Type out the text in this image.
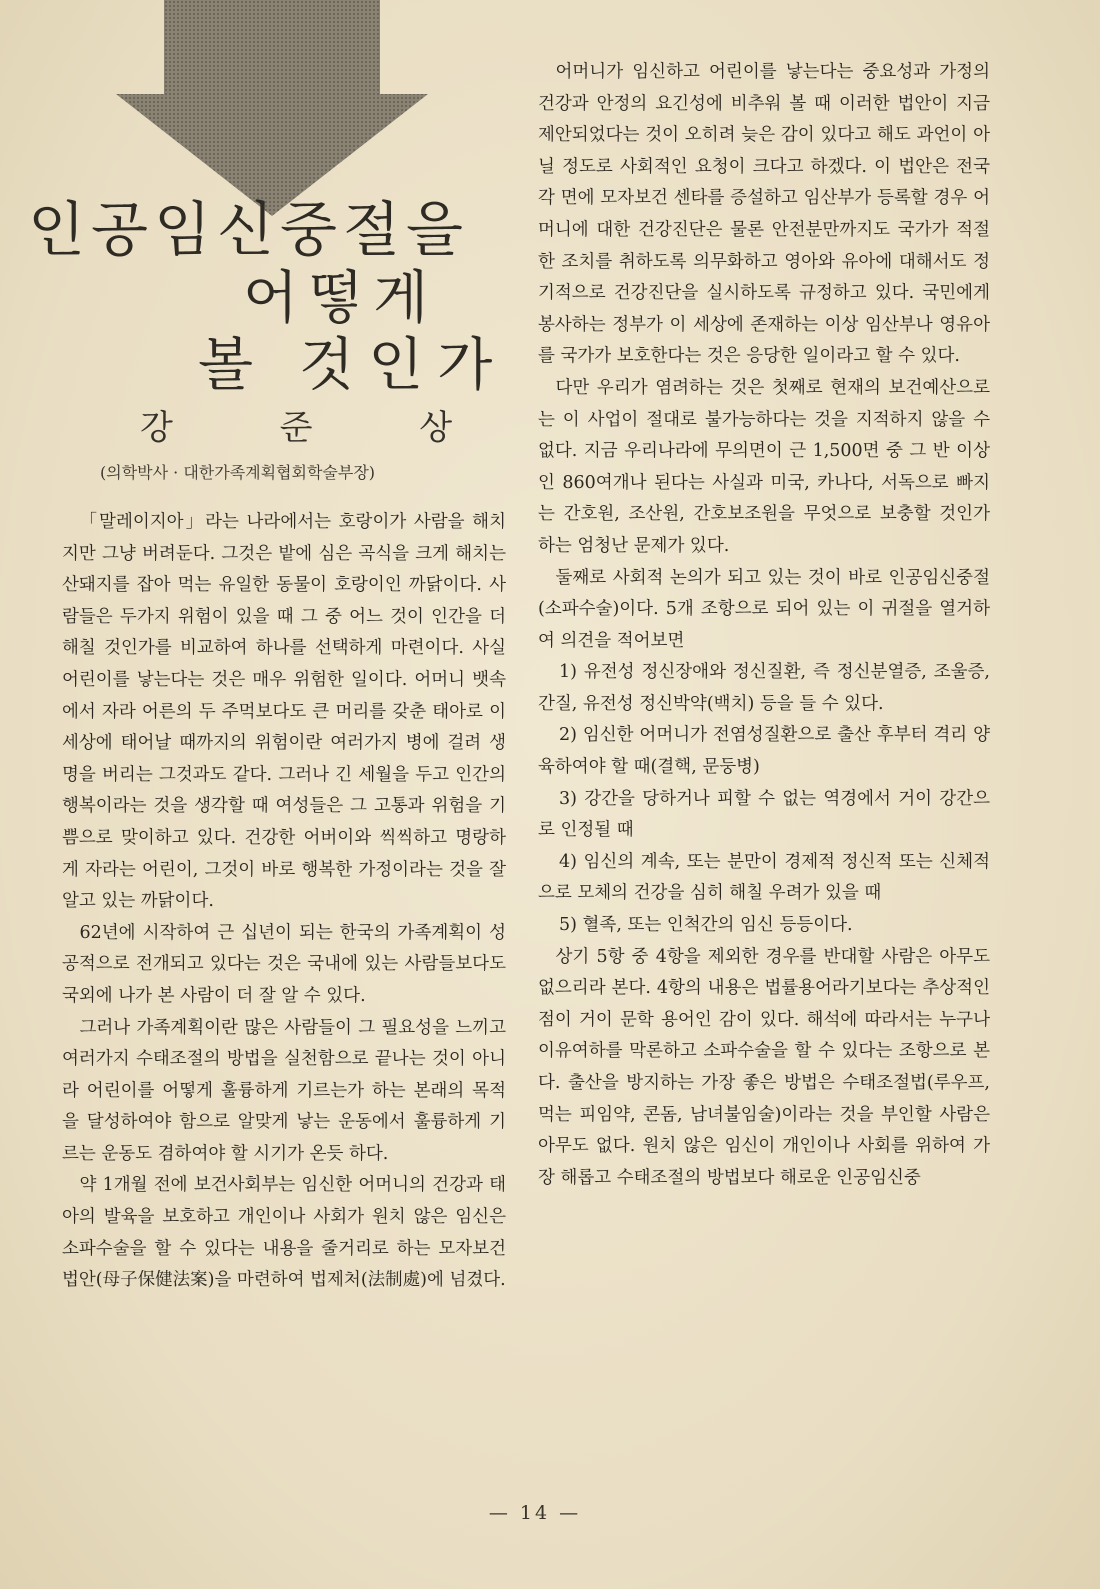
인공임신중절을
어떻게
볼 것인가
강 준 상
(의학박사 · 대한가족계획협회학술부장)

「말레이지아」라는 나라에서는 호랑이가 사람을 해치지만 그냥 버려둔다. 그것은 밭에 심은 곡식을 크게 해치는 산돼지를 잡아 먹는 유일한 동물이 호랑이인 까닭이다. 사람들은 두가지 위험이 있을 때 그 중 어느 것이 인간을 더 해칠 것인가를 비교하여 하나를 선택하게 마련이다. 사실 어린이를 낳는다는 것은 매우 위험한 일이다. 어머니 뱃속에서 자라 어른의 두 주먹보다도 큰 머리를 갖춘 태아로 이 세상에 태어날 때까지의 위험이란 여러가지 병에 걸려 생명을 버리는 그것과도 같다. 그러나 긴 세월을 두고 인간의 행복이라는 것을 생각할 때 여성들은 그 고통과 위험을 기쁨으로 맞이하고 있다. 건강한 어버이와 씩씩하고 명랑하게 자라는 어린이, 그것이 바로 행복한 가정이라는 것을 잘 알고 있는 까닭이다.

62년에 시작하여 근 십년이 되는 한국의 가족계획이 성공적으로 전개되고 있다는 것은 국내에 있는 사람들보다도 국외에 나가 본 사람이 더 잘 알 수 있다.

그러나 가족계획이란 많은 사람들이 그 필요성을 느끼고 여러가지 수태조절의 방법을 실천함으로 끝나는 것이 아니라 어린이를 어떻게 훌륭하게 기르는가 하는 본래의 목적을 달성하여야 함으로 알맞게 낳는 운동에서 훌륭하게 기르는 운동도 겸하여야 할 시기가 온듯 하다.

약 1개월 전에 보건사회부는 임신한 어머니의 건강과 태아의 발육을 보호하고 개인이나 사회가 원치 않은 임신은 소파수술을 할 수 있다는 내용을 줄거리로 하는 모자보건법안(母子保健法案)을 마련하여 법제처(法制處)에 넘겼다.

어머니가 임신하고 어린이를 낳는다는 중요성과 가정의 건강과 안정의 요긴성에 비추워 볼 때 이러한 법안이 지금 제안되었다는 것이 오히려 늦은 감이 있다고 해도 과언이 아닐 정도로 사회적인 요청이 크다고 하겠다. 이 법안은 전국 각 면에 모자보건 센타를 증설하고 임산부가 등록할 경우 어머니에 대한 건강진단은 물론 안전분만까지도 국가가 적절한 조치를 취하도록 의무화하고 영아와 유아에 대해서도 정기적으로 건강진단을 실시하도록 규정하고 있다. 국민에게 봉사하는 정부가 이 세상에 존재하는 이상 임산부나 영유아를 국가가 보호한다는 것은 응당한 일이라고 할 수 있다.

다만 우리가 염려하는 것은 첫째로 현재의 보건예산으로는 이 사업이 절대로 불가능하다는 것을 지적하지 않을 수 없다. 지금 우리나라에 무의면이 근 1,500면 중 그 반 이상인 860여개나 된다는 사실과 미국, 카나다, 서독으로 빠지는 간호원, 조산원, 간호보조원을 무엇으로 보충할 것인가 하는 엄청난 문제가 있다.

둘째로 사회적 논의가 되고 있는 것이 바로 인공임신중절(소파수술)이다. 5개 조항으로 되어 있는 이 귀절을 열거하여 의견을 적어보면

1) 유전성 정신장애와 정신질환, 즉 정신분열증, 조울증, 간질, 유전성 정신박약(백치) 등을 들 수 있다.

2) 임신한 어머니가 전염성질환으로 출산 후부터 격리 양육하여야 할 때(결핵, 문둥병)

3) 강간을 당하거나 피할 수 없는 역경에서 거이 강간으로 인정될 때

4) 임신의 계속, 또는 분만이 경제적 정신적 또는 신체적으로 모체의 건강을 심히 해칠 우려가 있을 때

5) 혈족, 또는 인척간의 임신 등등이다.

상기 5항 중 4항을 제외한 경우를 반대할 사람은 아무도 없으리라 본다. 4항의 내용은 법률용어라기보다는 추상적인 점이 거이 문학 용어인 감이 있다. 해석에 따라서는 누구나 이유여하를 막론하고 소파수술을 할 수 있다는 조항으로 본다. 출산을 방지하는 가장 좋은 방법은 수태조절법(루우프, 먹는 피임약, 콘돔, 남녀불임술)이라는 것을 부인할 사람은 아무도 없다. 원치 않은 임신이 개인이나 사회를 위하여 가장 해롭고 수태조절의 방법보다 해로운 인공임신중

— 14 —
